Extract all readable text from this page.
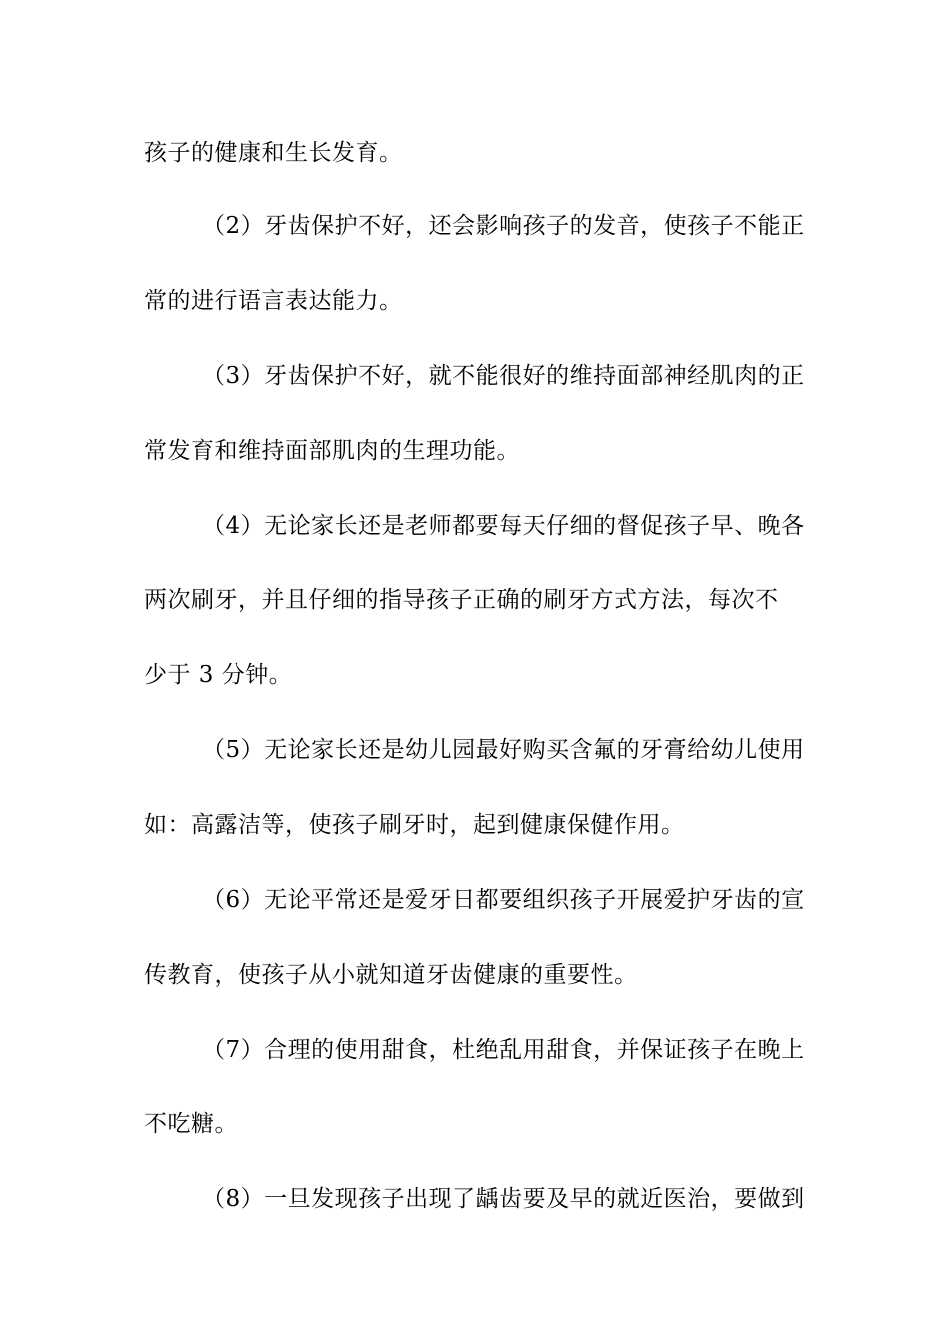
孩子的健康和生长发育。
（2）牙齿保护不好，还会影响孩子的发音，使孩子不能正
常的进行语言表达能力。
（3）牙齿保护不好，就不能很好的维持面部神经肌肉的正
常发育和维持面部肌肉的生理功能。
（4）无论家长还是老师都要每天仔细的督促孩子早、晚各
两次刷牙，并且仔细的指导孩子正确的刷牙方式方法，每次不
少于 3 分钟。
（5）无论家长还是幼儿园最好购买含氟的牙膏给幼儿使用
如：高露洁等，使孩子刷牙时，起到健康保健作用。
（6）无论平常还是爱牙日都要组织孩子开展爱护牙齿的宣
传教育，使孩子从小就知道牙齿健康的重要性。
（7）合理的使用甜食，杜绝乱用甜食，并保证孩子在晚上
不吃糖。
（8）一旦发现孩子出现了龋齿要及早的就近医治，要做到
